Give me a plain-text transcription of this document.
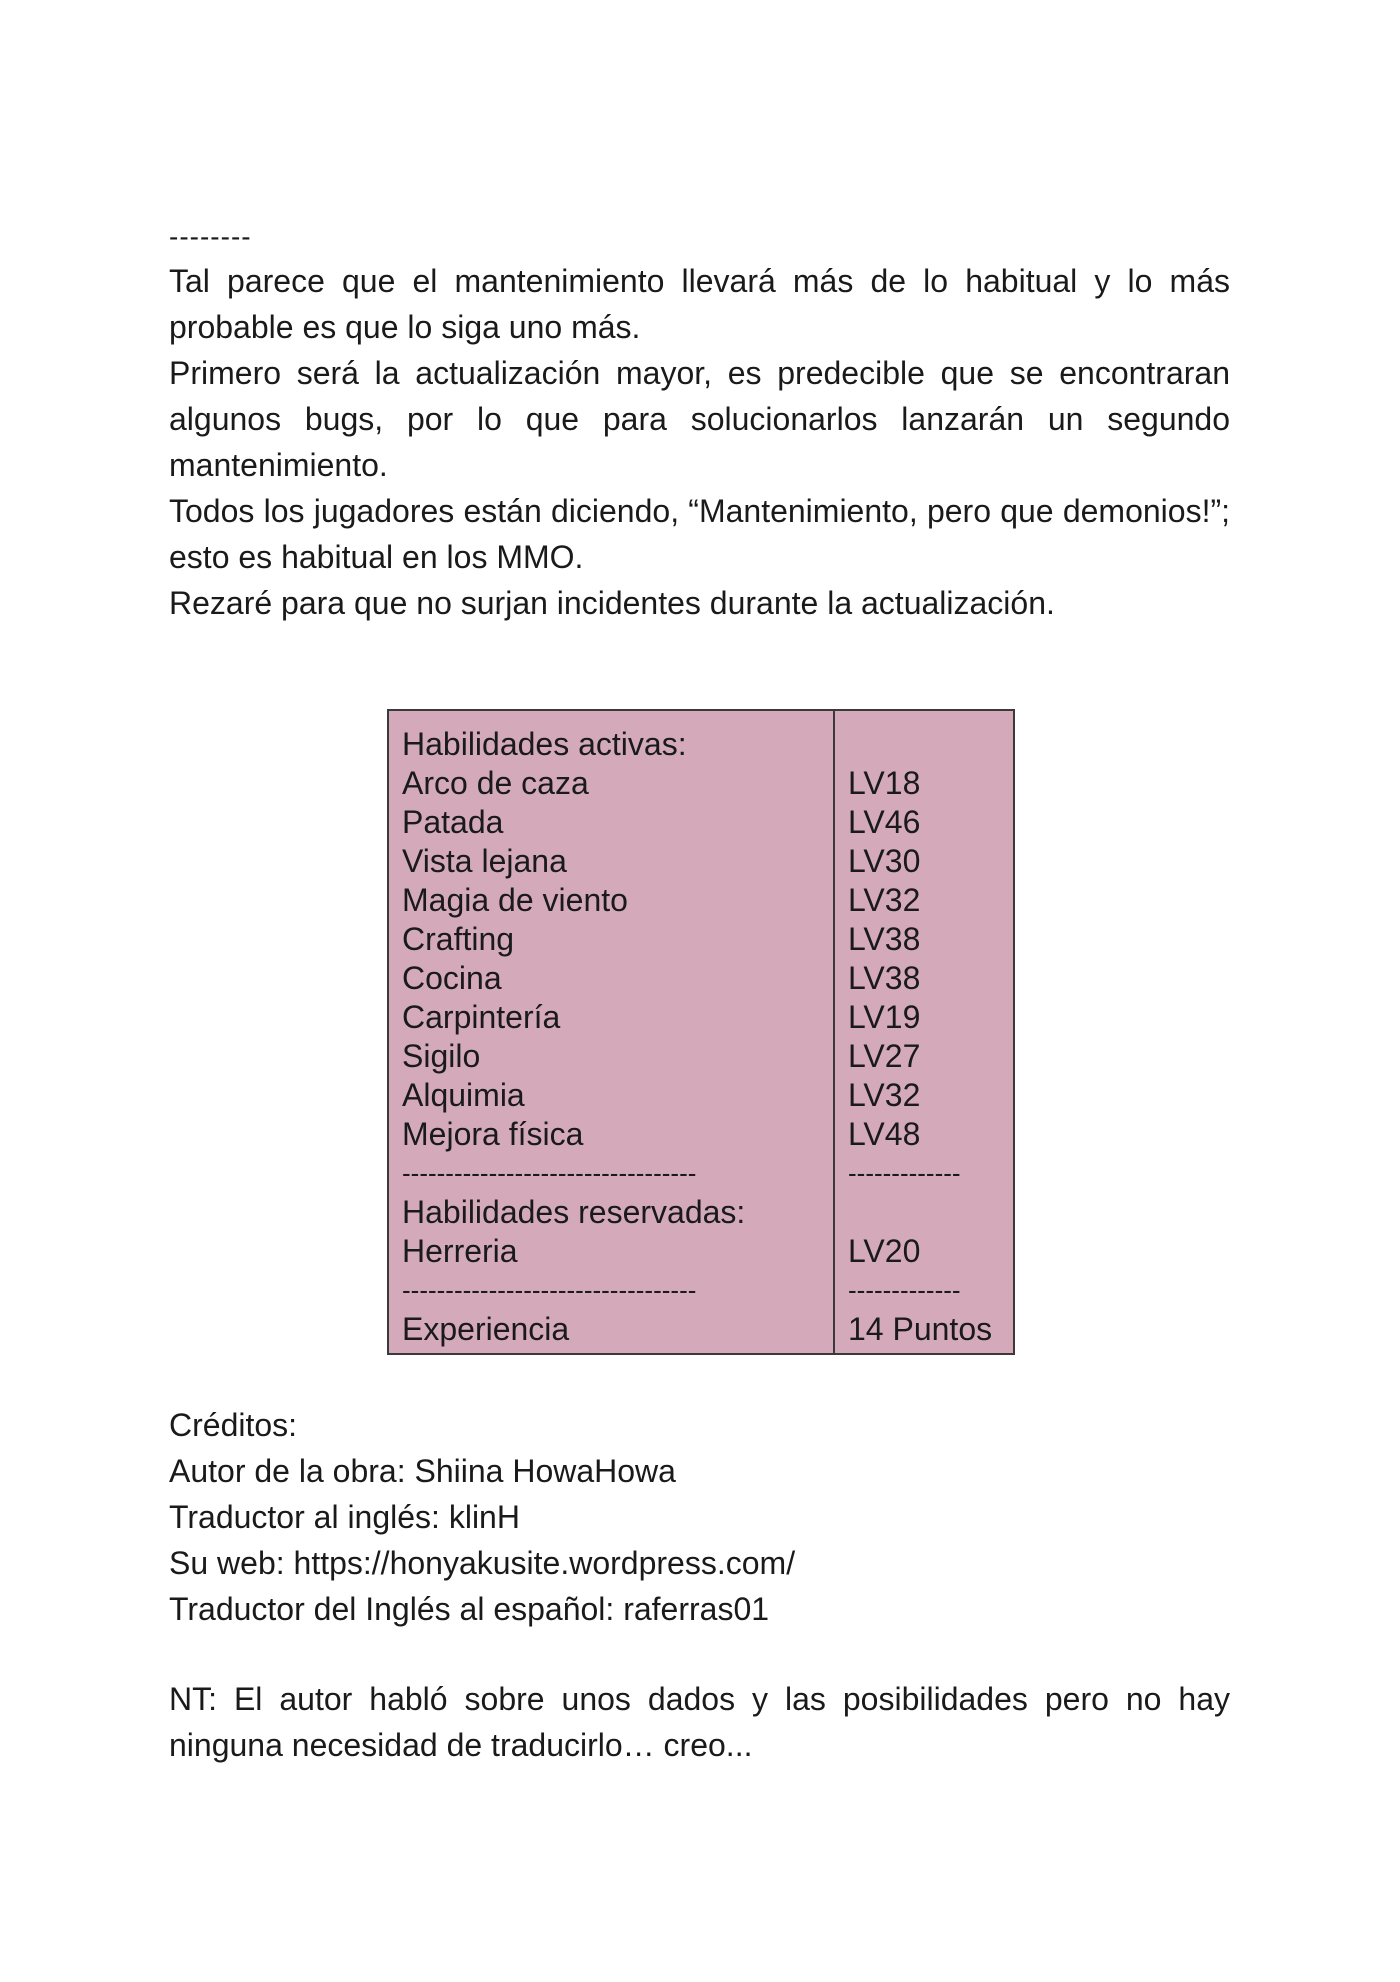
--------

Tal parece que el mantenimiento llevará más de lo habitual y lo más probable es que lo siga uno más.

Primero será la actualización mayor, es predecible que se encontraran algunos bugs, por lo que para solucionarlos lanzarán un segundo mantenimiento.

Todos los jugadores están diciendo, “Mantenimiento, pero que demonios!”; esto es habitual en los MMO.

Rezaré para que no surjan incidentes durante la actualización.

Habilidades activas:
Arco de caza
Patada
Vista lejana
Magia de viento
Crafting
Cocina
Carpintería
Sigilo
Alquimia
Mejora física
----------------------------------
Habilidades reservadas:
Herreria
----------------------------------
Experiencia
LV18
LV46
LV30
LV32
LV38
LV38
LV19
LV27
LV32
LV48
-------------
LV20
-------------
14 Puntos

Créditos:

Autor de la obra: Shiina HowaHowa

Traductor al inglés: klinH

Su web: https://honyakusite.wordpress.com/

Traductor del Inglés al español: raferras01

NT: El autor habló sobre unos dados y las posibilidades pero no hay ninguna necesidad de traducirlo… creo...
